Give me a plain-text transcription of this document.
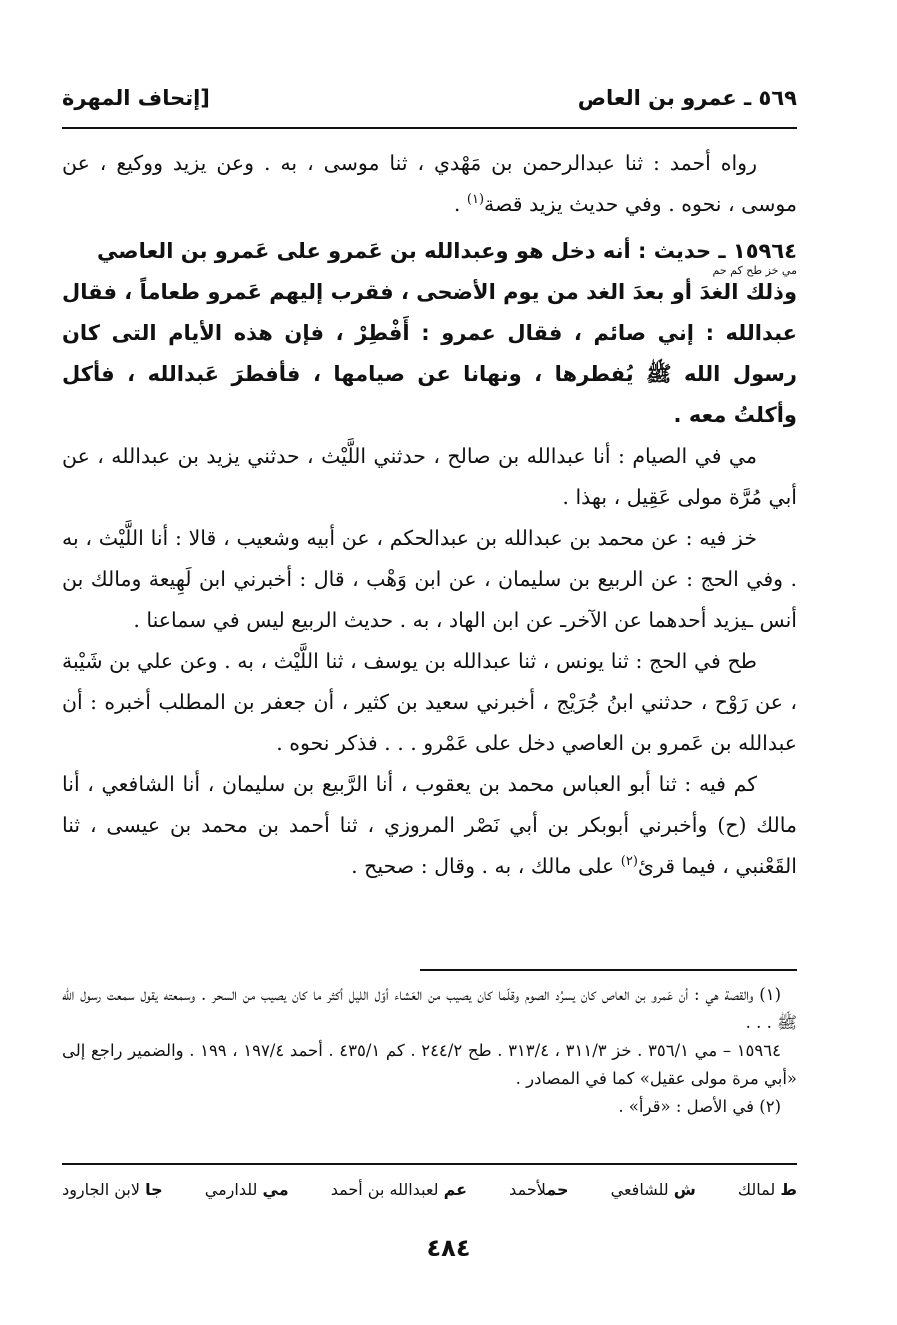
٥٦٩ ـ عمرو بن العاص
[إتحاف المهرة

رواه أحمد : ثنا عبدالرحمن بن مَهْدي ، ثنا موسى ، به . وعن يزيد ووكيع ، عن موسى ، نحوه . وفي حديث يزيد قصة$^{(١)}$ .

١٥٩٦٤ ـ حديث : أنه دخل هو وعبدالله بن عَمرو على عَمرو بن العاصي
مي خز طح كم حم
وذلك الغدَ أو بعدَ الغد من يوم الأضحى ، فقرب إليهم عَمرو طعاماً ، فقال عبدالله : إني صائم ، فقال عمرو : أَفْطِرْ ، فإن هذه الأيام التى كان رسول الله ﷺ يُفطرها ، ونهانا عن صيامها ، فأفطرَ عَبدالله ، فأكل وأكلتُ معه .

مي في الصيام : أنا عبدالله بن صالح ، حدثني اللَّيْث ، حدثني يزيد بن عبدالله ، عن أبي مُرَّة مولى عَقِيل ، بهذا .

خز فيه : عن محمد بن عبدالله بن عبدالحكم ، عن أبيه وشعيب ، قالا : أنا اللَّيْث ، به . وفي الحج : عن الربيع بن سليمان ، عن ابن وَهْب ، قال : أخبرني ابن لَهِيعة ومالك بن أنس ـيزيد أحدهما عن الآخرـ عن ابن الهاد ، به . حديث الربيع ليس في سماعنا .

طح في الحج : ثنا يونس ، ثنا عبدالله بن يوسف ، ثنا اللَّيْث ، به . وعن علي بن شَيْبة ، عن رَوْح ، حدثني ابنُ جُرَيْج ، أخبرني سعيد بن كثير ، أن جعفر بن المطلب أخبره : أن عبدالله بن عَمرو بن العاصي دخل على عَمْرو . . . فذكر نحوه .

كم فيه : ثنا أبو العباس محمد بن يعقوب ، أنا الرَّبيع بن سليمان ، أنا الشافعي ، أنا مالك (ح) وأخبرني أبوبكر بن أبي نَصْر المروزي ، ثنا أحمد بن محمد بن عيسى ، ثنا القَعْنبي ، فيما قرئ$^{(٢)}$ على مالك ، به . وقال : صحيح .

(١) والقصة هي : أن عَمرو بن العاص كان يسرُد الصوم وقلّما كان يصيب من العَشاء أوّل الليل أكثر ما كان يصيب من السحر . وسمعته يقول سمعت رسول الله ﷺ . . .

١٥٩٦٤ – مي ٣٥٦/١ . خز ٣١١/٣ ، ٣١٣/٤ . طح ٢٤٤/٢ . كم ٤٣٥/١ . أحمد ١٩٧/٤ ، ١٩٩ . والضمير راجع إلى «أبي مرة مولى عقيل» كما في المصادر .

(٢) في الأصل : «قرأ» .

ط لمالك
ش للشافعي
حملأحمد
عم لعبدالله بن أحمد
مي للدارمي
جا لابن الجارود
٤٨٤
